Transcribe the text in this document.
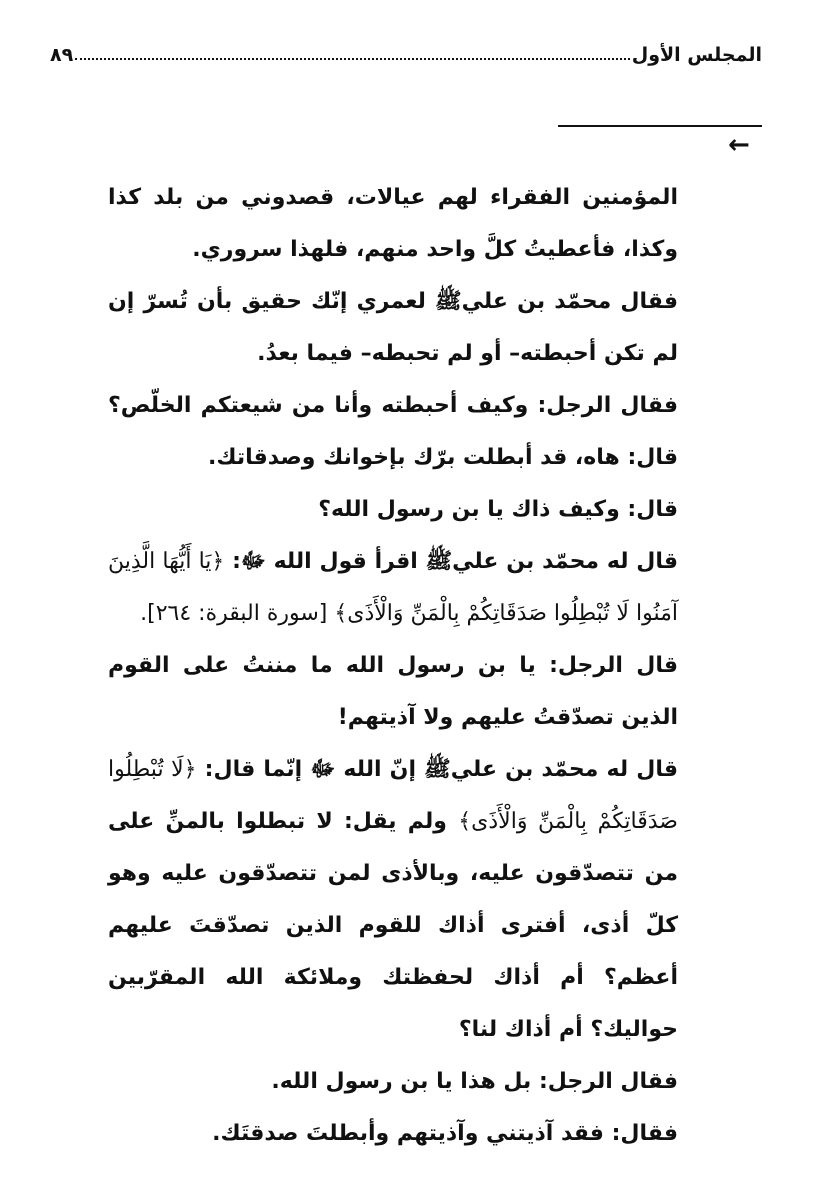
٨٩	المجلس الأول
←

المؤمنين الفقراء لهم عيالات، قصدوني من بلد كذا وكذا، فأعطيتُ كلَّ واحد منهم، فلهذا سروري.

فقال محمّد بن عليﷺ لعمري إنّك حقيق بأن تُسرّ إن لم تكن أحبطته– أو لم تحبطه– فيما بعدُ.

فقال الرجل: وكيف أحبطته وأنا من شيعتكم الخلّص؟ قال: هاه، قد أبطلت برّك بإخوانك وصدقاتك.

قال: وكيف ذاك يا بن رسول الله؟

قال له محمّد بن عليﷺ اقرأ قول الله ﷻ: ﴿يَا أَيُّهَا الَّذِينَ آمَنُوا لَا تُبْطِلُوا صَدَقَاتِكُمْ بِالْمَنِّ وَالْأَذَى﴾ [سورة البقرة: ٢٦٤].

قال الرجل: يا بن رسول الله ما مننتُ على القوم الذين تصدّقتُ عليهم ولا آذيتهم!

قال له محمّد بن عليﷺ إنّ الله ﷻ إنّما قال: ﴿لَا تُبْطِلُوا صَدَقَاتِكُمْ بِالْمَنِّ وَالْأَذَى﴾ ولم يقل: لا تبطلوا بالمنِّ على من تتصدّقون عليه، وبالأذى لمن تتصدّقون عليه وهو كلّ أذى، أفترى أذاك للقوم الذين تصدّقتَ عليهم أعظم؟ أم أذاك لحفظتك وملائكة الله المقرّبين حواليك؟ أم أذاك لنا؟

فقال الرجل: بل هذا يا بن رسول الله.

فقال: فقد آذيتني وآذيتهم وأبطلتَ صدقتَك.
